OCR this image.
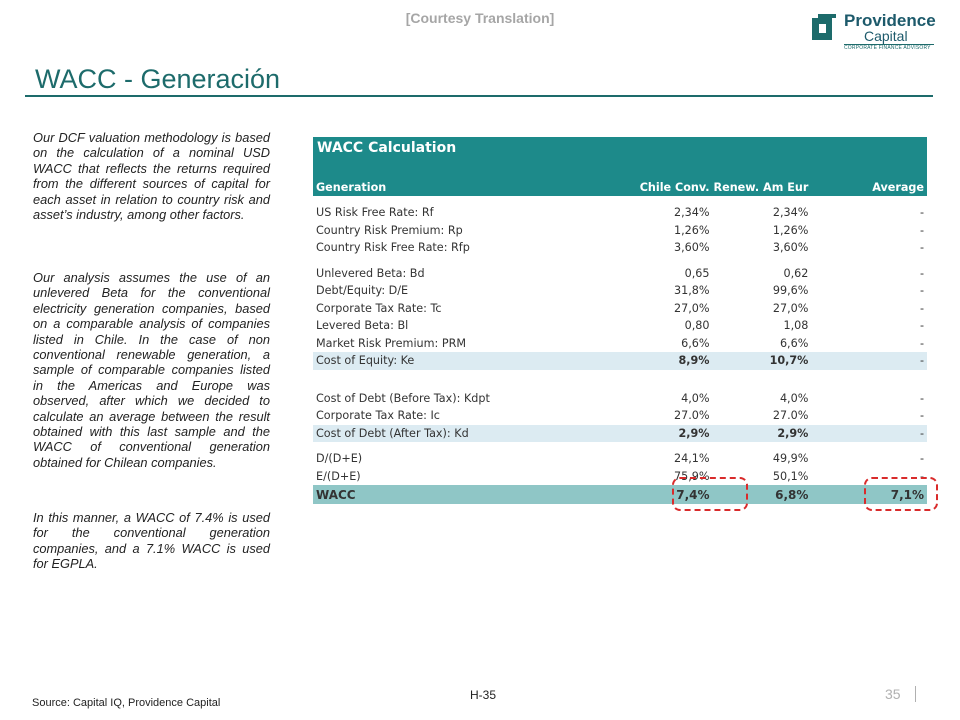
[Courtesy Translation]	Providence
Capital
CORPORATE FINANCE ADVISORY
WACC - Generación
Our DCF valuation methodology is based on the calculation of a nominal USD WACC that reflects the returns required from the different sources of capital for each asset in relation to country risk and asset’s industry, among other factors.
Our analysis assumes the use of an unlevered Beta for the conventional electricity generation companies, based on a comparable analysis of companies listed in Chile. In the case of non conventional renewable generation, a sample of comparable companies listed in the Americas and Europe was observed, after which we decided to calculate an average between the result obtained with this last sample and the WACC of conventional generation obtained for Chilean companies.
In this manner, a WACC of 7.4% is used for the conventional generation companies, and a 7.1% WACC is used for EGPLA.
WACC Calculation
Generation	Chile Conv.	Renew. Am Eur	Average

US Risk Free Rate: Rf	2,34%	2,34%	-
Country Risk Premium: Rp	1,26%	1,26%	-
Country Risk Free Rate: Rfp	3,60%	3,60%	-

Unlevered Beta: Bd	0,65	0,62	-
Debt/Equity: D/E	31,8%	99,6%	-
Corporate Tax Rate: Tc	27,0%	27,0%	-
Levered Beta: Bl	0,80	1,08	-
Market Risk Premium: PRM	6,6%	6,6%	-
Cost of Equity: Ke	8,9%	10,7%	-

Cost of Debt (Before Tax): Kdpt	4,0%	4,0%	-
Corporate Tax Rate: Ic	27.0%	27.0%	-
Cost of Debt (After Tax): Kd	2,9%	2,9%	-

D/(D+E)	24,1%	49,9%	-
E/(D+E)	75,9%	50,1%	-
WACC	7,4%	6,8%	7,1%
Source: Capital IQ, Providence Capital
H-35	35
